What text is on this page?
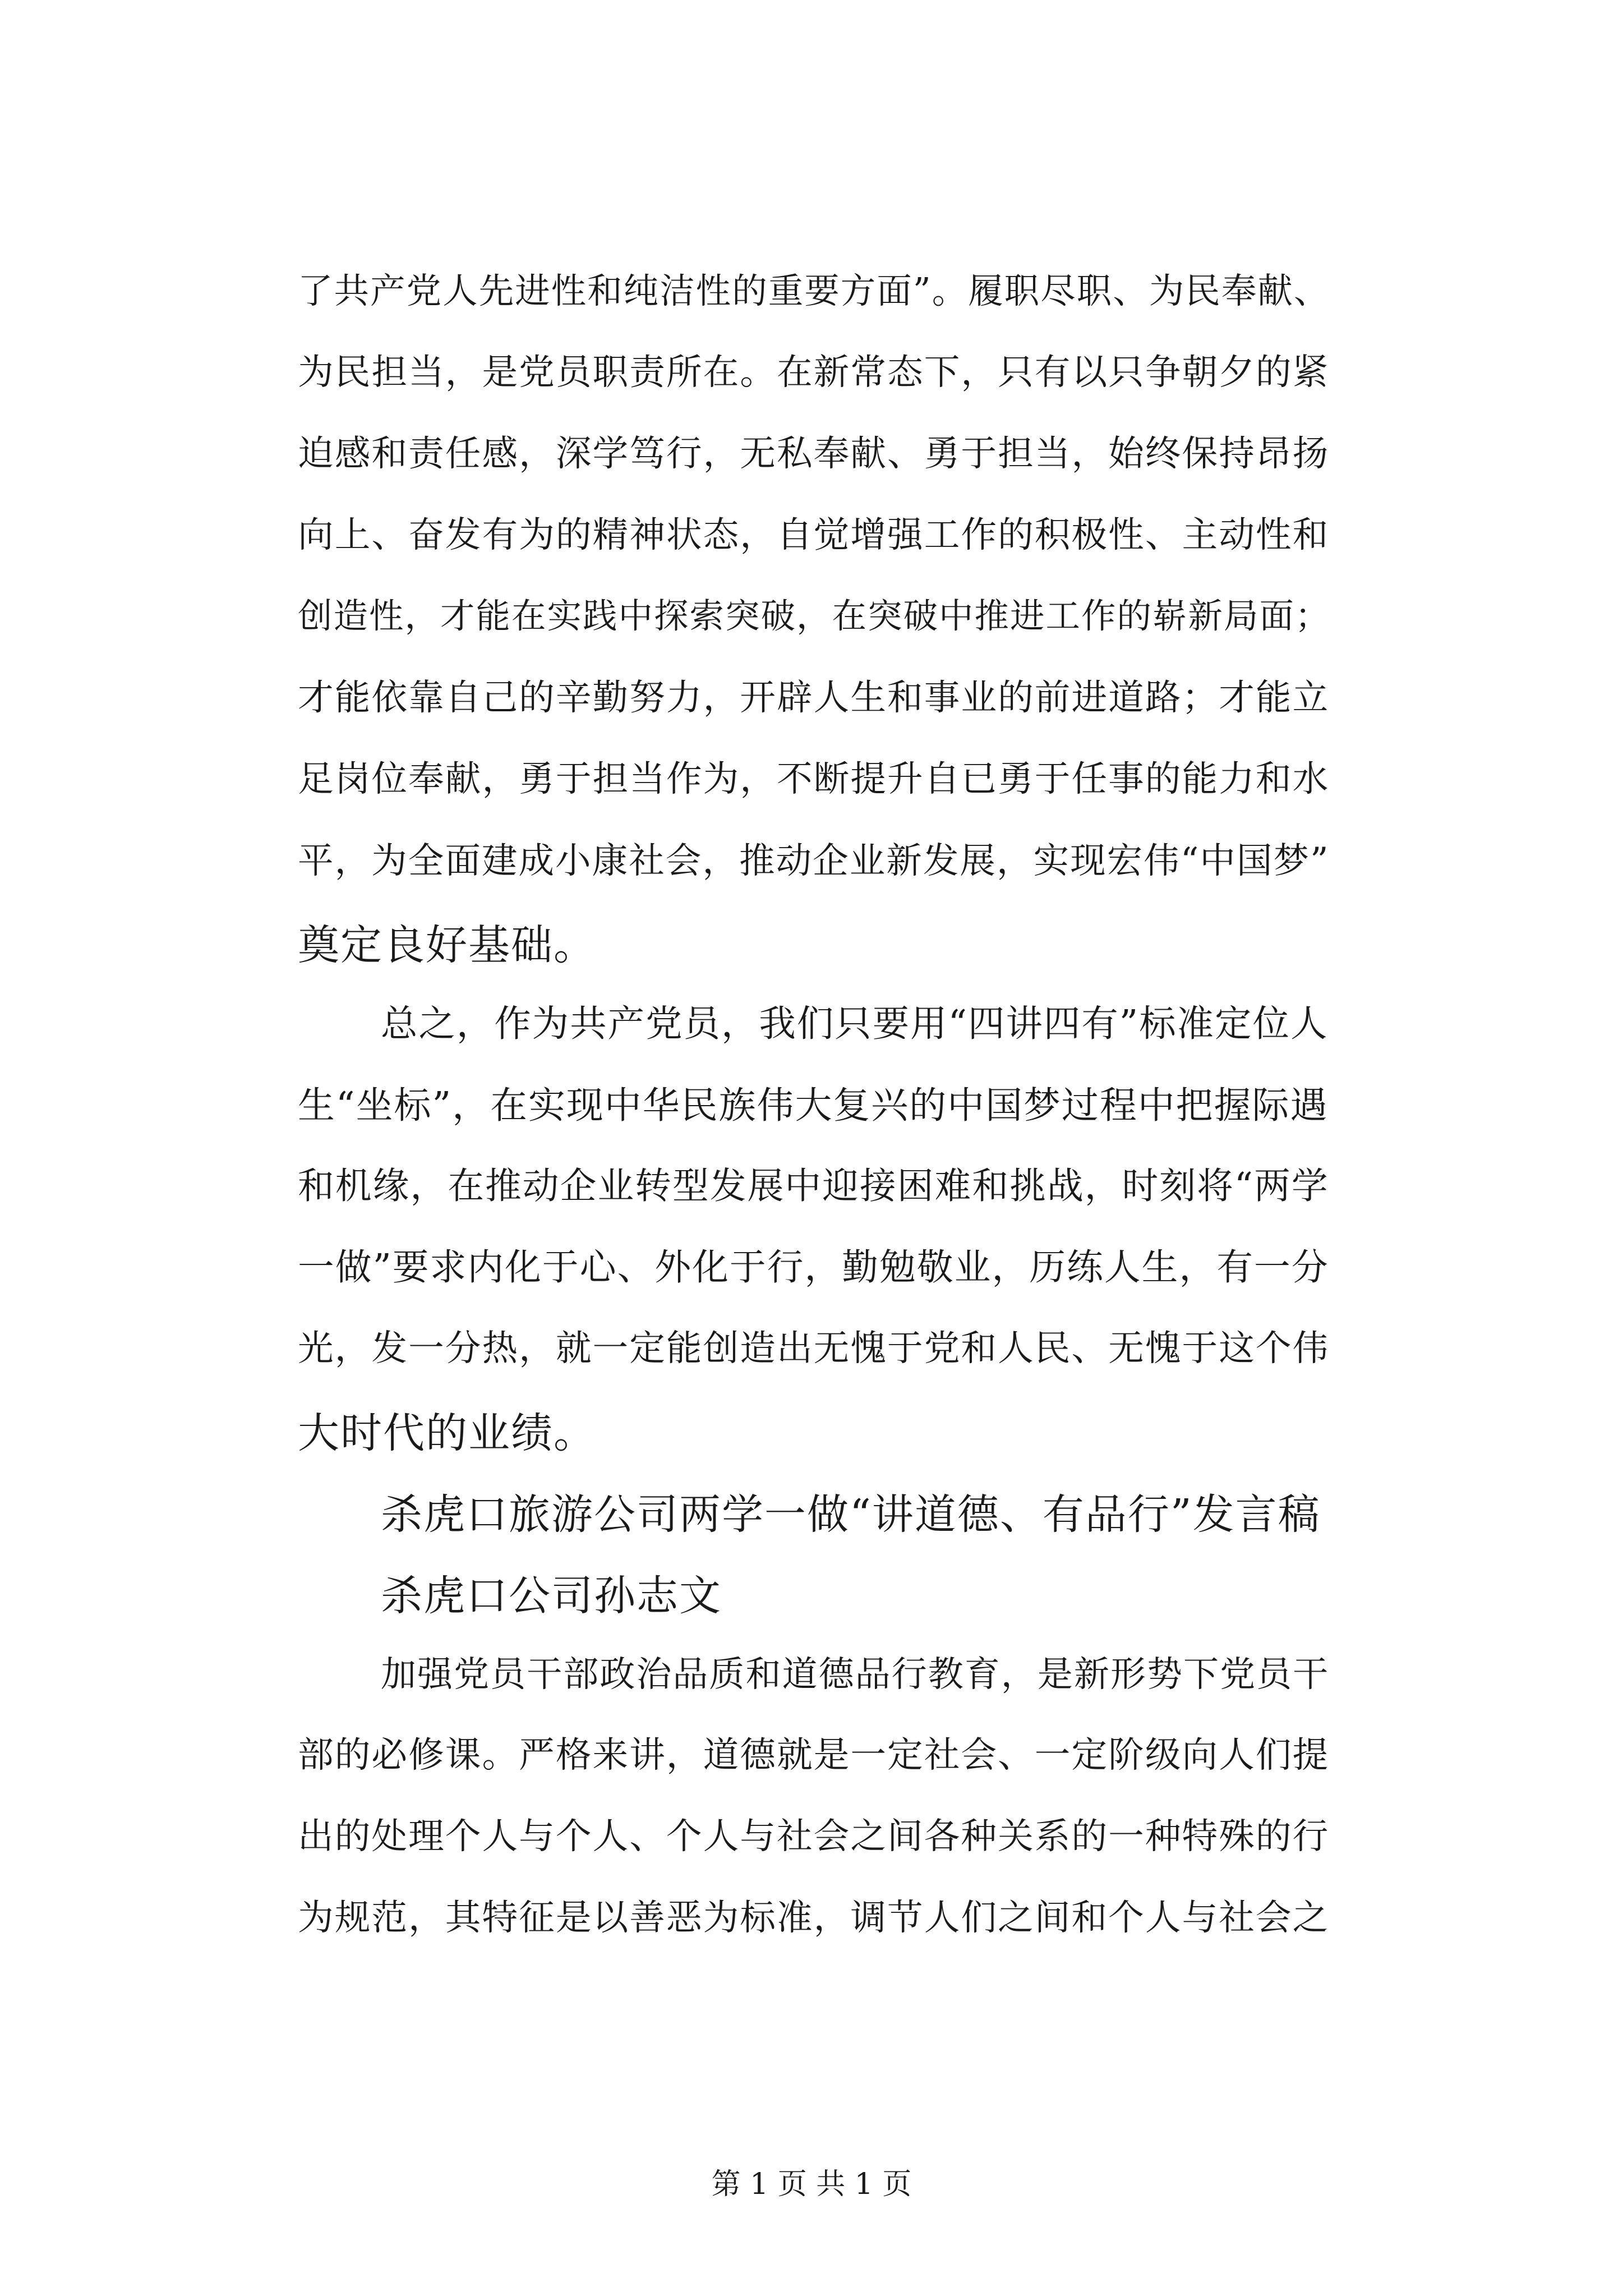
了共产党人先进性和纯洁性的重要方面”。履职尽职、为民奉献、
为民担当，是党员职责所在。在新常态下，只有以只争朝夕的紧
迫感和责任感，深学笃行，无私奉献、勇于担当，始终保持昂扬
向上、奋发有为的精神状态，自觉增强工作的积极性、主动性和
创造性，才能在实践中探索突破，在突破中推进工作的崭新局面；
才能依靠自己的辛勤努力，开辟人生和事业的前进道路；才能立
足岗位奉献，勇于担当作为，不断提升自已勇于任事的能力和水
平，为全面建成小康社会，推动企业新发展，实现宏伟“中国梦”
奠定良好基础。
总之，作为共产党员，我们只要用“四讲四有”标准定位人
生“坐标”，在实现中华民族伟大复兴的中国梦过程中把握际遇
和机缘，在推动企业转型发展中迎接困难和挑战，时刻将“两学
一做”要求内化于心、外化于行，勤勉敬业，历练人生，有一分
光，发一分热，就一定能创造出无愧于党和人民、无愧于这个伟
大时代的业绩。
杀虎口旅游公司两学一做“讲道德、有品行”发言稿
杀虎口公司孙志文
加强党员干部政治品质和道德品行教育，是新形势下党员干
部的必修课。严格来讲，道德就是一定社会、一定阶级向人们提
出的处理个人与个人、个人与社会之间各种关系的一种特殊的行
为规范，其特征是以善恶为标准，调节人们之间和个人与社会之
第 1 页 共 1 页
